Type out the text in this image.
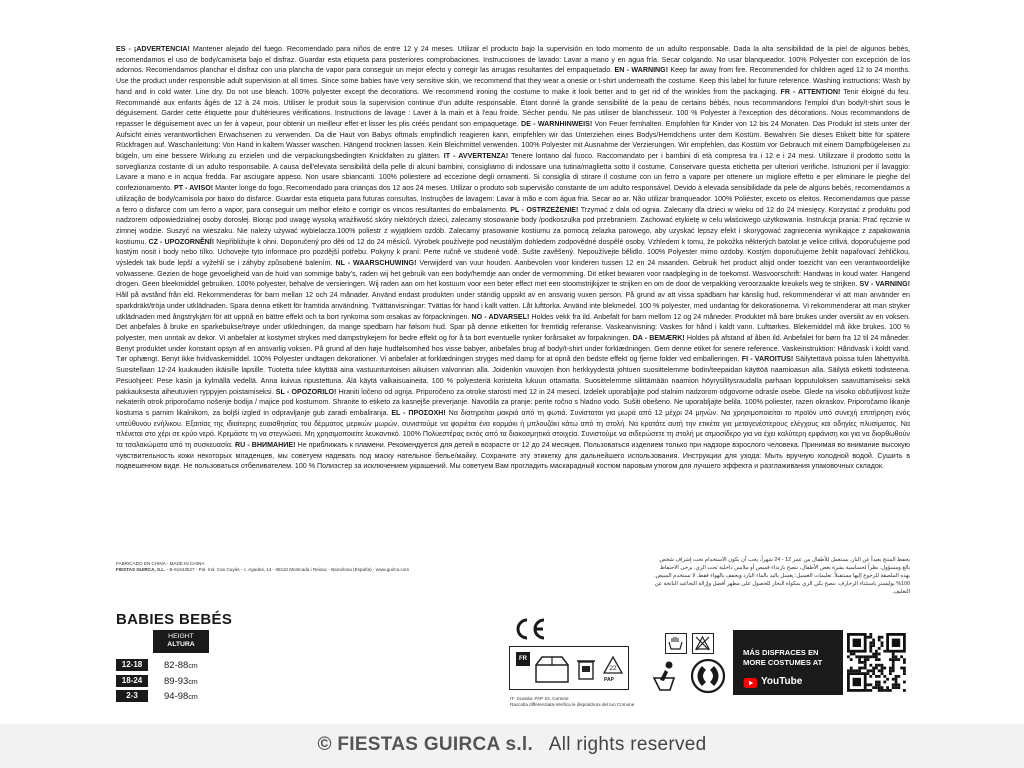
ES - ¡ADVERTENCIA! Mantener alejado del fuego. Recomendado para niños de entre 12 y 24 meses. Utilizar el producto bajo la supervisión en todo momento de un adulto responsable. Dada la alta sensibilidad de la piel de algunos bebés, recomendamos el uso de body/camiseta bajo el disfraz. Guardar esta etiqueta para posteriores comprobaciones. Instrucciones de lavado: Lavar a mano y en agua fría. Secar colgando. No usar blanqueador. 100% Polyester con excepción de los adornos. Recomendamos planchar el disfraz con una plancha de vapor para conseguir un mejor efecto y corregir las arrugas resultantes del empaquetado. EN - WARNING! Keep far away from fire. Recommended for children aged 12 to 24 months. Use the product under responsible adult supervision at all times. Since some babies have very sensitive skin, we recommend that they wear a onesie or t-shirt underneath the costume. Keep this label for future reference. Washing instructions: Wash by hand and in cold water. Line dry. Do not use bleach. 100% polyester except the decorations. We recommend ironing the costume to make it look better and to get rid of the wrinkles from the packaging. FR - ATTENTION! Tenir éloigné du feu. Recommandé aux enfants âgés de 12 à 24 mois. Utiliser le produit sous la supervision continue d'un adulte responsable. Étant donné la grande sensibilité de la peau de certains bébés, nous recommandons l'emploi d'un body/t-shirt sous le déguisement. Garder cette étiquette pour d'ultérieures vérifications. Instructions de lavage : Laver à la main et à l'eau froide. Sécher pendu. Ne pas utiliser de blanchisseur. 100 % Polyester à l'exception des décorations. Nous recommandons de repasser le déguisement avec un fer à vapeur, pour obtenir un meilleur effet et lisser les plis créés pendant son empaquetage. DE - WARNHINWEIS! Von Feuer fernhalten. Empfohlen für Kinder von 12 bis 24 Monaten. Das Produkt ist stets unter der Aufsicht eines verantwortlichen Erwachsenen zu verwenden. Da die Haut von Babys oftmals empfindlich reagieren kann, empfehlen wir das Unterziehen eines Bodys/Hemdchens unter dem Kostüm. Bewahren Sie dieses Etikett bitte für spätere Rückfragen auf. Waschanleitung: Von Hand in kaltem Wasser waschen. Hängend trocknen lassen. Kein Bleichmittel verwenden. 100% Polyester mit Ausnahme der Verzierungen. Wir empfehlen, das Kostüm vor Gebrauch mit einem Dampfbügeleisen zu bügeln, um eine bessere Wirkung zu erzielen und die verpackungsbedingten Knickfalten zu glätten. IT - AVVERTENZA! Tenere lontano dal fuoco. Raccomandato per i bambini di età compresa tra i 12 e i 24 mesi. Utilizzare il prodotto sotto la sorveglianza costante di un adulto responsabile. A causa dell'elevata sensibilità della pelle di alcuni bambini, consigliamo di indossare una tutina/maglietta sotto il costume. Conservare questa etichetta per ulteriori verifiche. Istruzioni per il lavaggio: Lavare a mano e in acqua fredda. Far asciugare appeso. Non usare sbiancanti. 100% poliestere ad eccezione degli ornamenti. Si consiglia di stirare il costume con un ferro a vapore per ottenere un migliore effetto e per eliminare le pieghe del confezionamento. PT - AVISO! Manter longe do fogo. Recomendado para crianças dos 12 aos 24 meses. Utilizar o produto sob supervisão constante de um adulto responsável. Devido à elevada sensibilidade da pele de alguns bebés, recomendamos a utilização de body/camisola por baixo do disfarce. Guardar esta etiqueta para futuras consultas. Instruções de lavagem: Lavar à mão e com água fria. Secar ao ar. Não utilizar branqueador. 100% Poliéster, exceto os efeitos. Recomendamos que passe a ferro o disfarce com um ferro a vapor, para conseguir um melhor efeito e corrigir os vincos resultantes do embalamento. PL - OSTRZEŻENIE! Trzymać z dala od ognia. Zalecany dla dzieci w wieku od 12 do 24 miesięcy. Korzystać z produktu pod nadzorem odpowiedzialnej osoby dorosłej. Biorąc pod uwagę wysoką wrażliwość skóry niektórych dzieci, zalecamy stosowanie body /podkoszulka pod przebraniem. Zachować etykietę w celu właściwego użytkowania. Instrukcja prania: Prać ręcznie w zimnej wodzie. Suszyć na wieszaku. Nie należy używać wybielacza.100% poliestr z wyjątkiem ozdób. Zalecamy prasowanie kostiumu za pomocą żelazka parowego, aby uzyskać lepszy efekt i skorygować zagniecenia wynikające z zapakowania kostiumu. CZ - UPOZORNĚNÍ! Nepřibližujte k ohni. Doporučený pro děti od 12 do 24 měsíců. Výrobek používejte pod neustálým dohledem zodpovědné dospělé osoby. Vzhledem k tomu, že pokožka některých batolat je velice citlivá, doporučujeme pod kostým nosit i body nebo tílko. Uchovejte tyto informace pro pozdější potřebu. Pokyny k praní: Perte ručně ve studené vodě. Sušte zavěšený. Nepoužívejte bělidlo. 100% Polyester mimo ozdoby. Kostým doporučujeme žehlit napařovací žehličkou, výsledek tak bude lepší a vyžehlí se i záhyby způsobené balením. NL - WAARSCHUWING! Verwijderd van vuur houden. Aanbevolen voor kinderen tussen 12 en 24 maanden. Gebruik het product altijd onder toezicht van een verantwoordelijke volwassene. Gezien de hoge gevoeligheid van de huid van sommige baby's, raden wij het gebruik van een body/hemdje aan onder de vermomming. Dit etiket bewaren voor raadpleging in de toekomst. Wasvoorschrift: Handwas in koud water. Hangend drogen. Geen bleekmiddel gebruiken. 100% polyester, behalve de versieringen. Wij raden aan om het kostuum voor een beter effect met een stoomstrijkijzer te strijken en om de door de verpakking veroorzaakte kreukels weg te strijken. SV - VARNING! Håll på avstånd från eld. Rekommenderas för barn mellan 12 och 24 månader. Använd endast produkten under ständig uppsikt av en ansvarig vuxen person. På grund av att vissa spädbarn har känslig hud, rekommenderar vi att man använder en sparkdräkt/tröja under utklädnaden. Spara denna etikett för framtida användning. Tvättanvisningar: Tvättas för hand i kallt vatten. Låt lufttorka. Använd inte blekmedel. 100 % polyester, med undantag för dekorationerna. Vi rekommenderar att man stryker utklädnaden med ångstrykjärn för att uppnå en bättre effekt och ta bort rynkorna som orsakas av förpackningen. NO - ADVARSEL! Holdes vekk fra ild. Anbefalt for barn mellom 12 og 24 måneder. Produktet må bare brukes under oversikt av en voksen. Det anbefales å bruke en sparkebukse/trøye under utkledningen, da mange spedbarn har følsom hud. Spar på denne etiketten for fremtidig referanse. Vaskeanvisning: Vaskes for hånd i kaldt vann. Lufttørkes. Blekemiddel må ikke brukes. 100 % polyester, men unntak av dekor. Vi anbefaler at kostymet strykes med dampstrykejern for bedre effekt og for å ta bort eventuelle rynker forårsaket av forpakningen. DA - BEMÆRK! Holdes på afstand af åben ild. Anbefalet for børn fra 12 til 24 måneder. Benyt produktet under konstant opsyn af en ansvarlig voksen. På grund af den høje hudfølsomhed hos visse babyer, anbefales brug af body/t-shirt under forklædningen. Gem denne etiket for senere reference. Vaskeinstruktion: Håndvask i koldt vand. Tør ophængt. Benyt ikke hvidvaskemiddel. 100% Polyester undtagen dekorationer. Vi anbefaler at forklædningen stryges med damp for at opnå den bedste effekt og fjerne folder ved emballeringen. FI - VAROITUS! Säilytettävä poissa tulen lähettyviltä. Suositellaan 12-24 kuukauden ikäisille lapsille. Tuotetta tulee käyttää aina vastuuntuntoisen aikuisen valvonnan alla. Joidenkin vauvojen ihon herkkyydestä johtuen suosittelemme bodin/teepaidan käyttöä naamioasun alla. Säilytä etiketti todisteena. Pesuohjeet: Pese käsin ja kylmällä vedellä. Anna kuivua ripustettuna. Älä käytä valkaisuaineita. 100 % polyesteriä koristeita lukuun ottamatta. Suosittelemme silittämään naamion höyrysilitysraudalla parhaan lopputuloksen saavuttamiseksi sekä pakkauksesta aiheutuvien ryppyjen poistamiseksi. SL - OPOZORILO! Hraniti ločeno od ognja. Priporočeno za otroke starosti med 12 in 24 meseci. Izdelek uporabljajte pod stalnim nadzorom odgovorne odrasle osebe. Glede na visoko občutljivost kože nekaterih otrok priporočamo nošenje bodija / majice pod kostumom. Shranite to etiketo za kasnejše preverjanje. Navodila za pranje: perite ročno s hladno vodo. Sušiti obešeno. Ne uporabljajte belila. 100% poliester, razen okraskov. Priporočamo likanje kostuma s parnim likalnikom, za boljši izgled in odpravljanje gub zaradi embaliranja. EL - ΠΡΟΣΟΧΗ! Να διατηρείται μακριά από τη φωτιά. Συνίσταται για μωρά από 12 μέχρι 24 μηνών. Να χρησιμοποιείται το προϊόν υπό συνεχή επιτήρηση ενός υπεύθυνου ενήλικου. Εξαιτίας της ιδιαίτερης ευαισθησίας του δέρματος μερικών μωρών, συνιστούμε να φοριέται ένα κορμάκι ή μπλουζάκι κάτω από τη στολή. Να κρατάτε αυτή την ετικέτα για μεταγενέστερους ελέγχους και οδηγίες πλυσίματος. Να πλένεται στο χέρι σε κρύο νερό. Κρεμάστε τη να στεγνώσει. Μη χρησιμοποιείτε λευκαντικό. 100% Πολυεστέρας εκτός από τα διακοσμητικά στοιχεία. Συνιστούμε να σιδερώσετε τη στολή με ατμοσίδερο για να έχει καλύτερη εμφάνιση και για να διορθωθούν τα τσαλακώματα από τη συσκευασία. RU - ВНИМАНИЕ! Не приближать к пламени. Рекомендуется для детей в возрасте от 12 до 24 месяцев. Пользоваться изделием только при надзоре взрослого человека. Принимая во внимание высокую чувствительность кожи некоторых младенцев, мы советуем надевать под маску нательное белье/майку. Сохраните эту этикетку для дальнейшего использования. Инструкции для ухода: Мыть вручную холодной водой. Сушить в подвешенном виде. Не пользоваться отбеливателем. 100 % Полиэстер за исключением украшений. Мы советуем Вам прогладить маскарадный костюм паровым утюгом для лучшего эффекта и разглаживания упаковочных складок.
FABRICADO EN CHINA - MADE IN CHINA
FIESTAS GUIRCA, S.L. - B-61643527 - Pol. Ind. Can Cuyàs - c. Agudes, 14 - 08110 Montcada i Reixac - Barcelona (España) · www.guirca.com
يحفظ المنتج بعيداً عن النار، يستعمل للأطفال من عمر 12 - 24 شهراً، يجب أن يكون الاستخدام تحت إشراف شخص بالغ ومسؤول. نظراً لحساسية بشرة بعض الأطفال، ننصح بارتداء قميص أو ملابس داخلية تحت الزي. يرجى الاحتفاظ بهذه الملصقة للرجوع إليها مستقبلاً. تعليمات الغسيل: يغسل باليد بالماء البارد ويجفف بالهواء فقط. لا تستخدم المبيض. 100% بوليستر باستثناء الزخارف. ننصح بكي الزي بمكواة البخار للحصول على مظهر أفضل وإزالة التجاعيد الناتجة عن التغليف.
BABIES BEBÉS
HEIGHT
ALTURA
12-18	82-88cm
18-24	89-93cm
2-3	94-98cm
FR
22
PAP
IT- Scatola: PAP 22, Cartone
Raccolta differenziata-Verifica le disposizioni del tuo Comune
MÁS DISFRACES EN
MORE COSTUMES AT
YouTube
© FIESTAS GUIRCA s.l. All rights reserved
